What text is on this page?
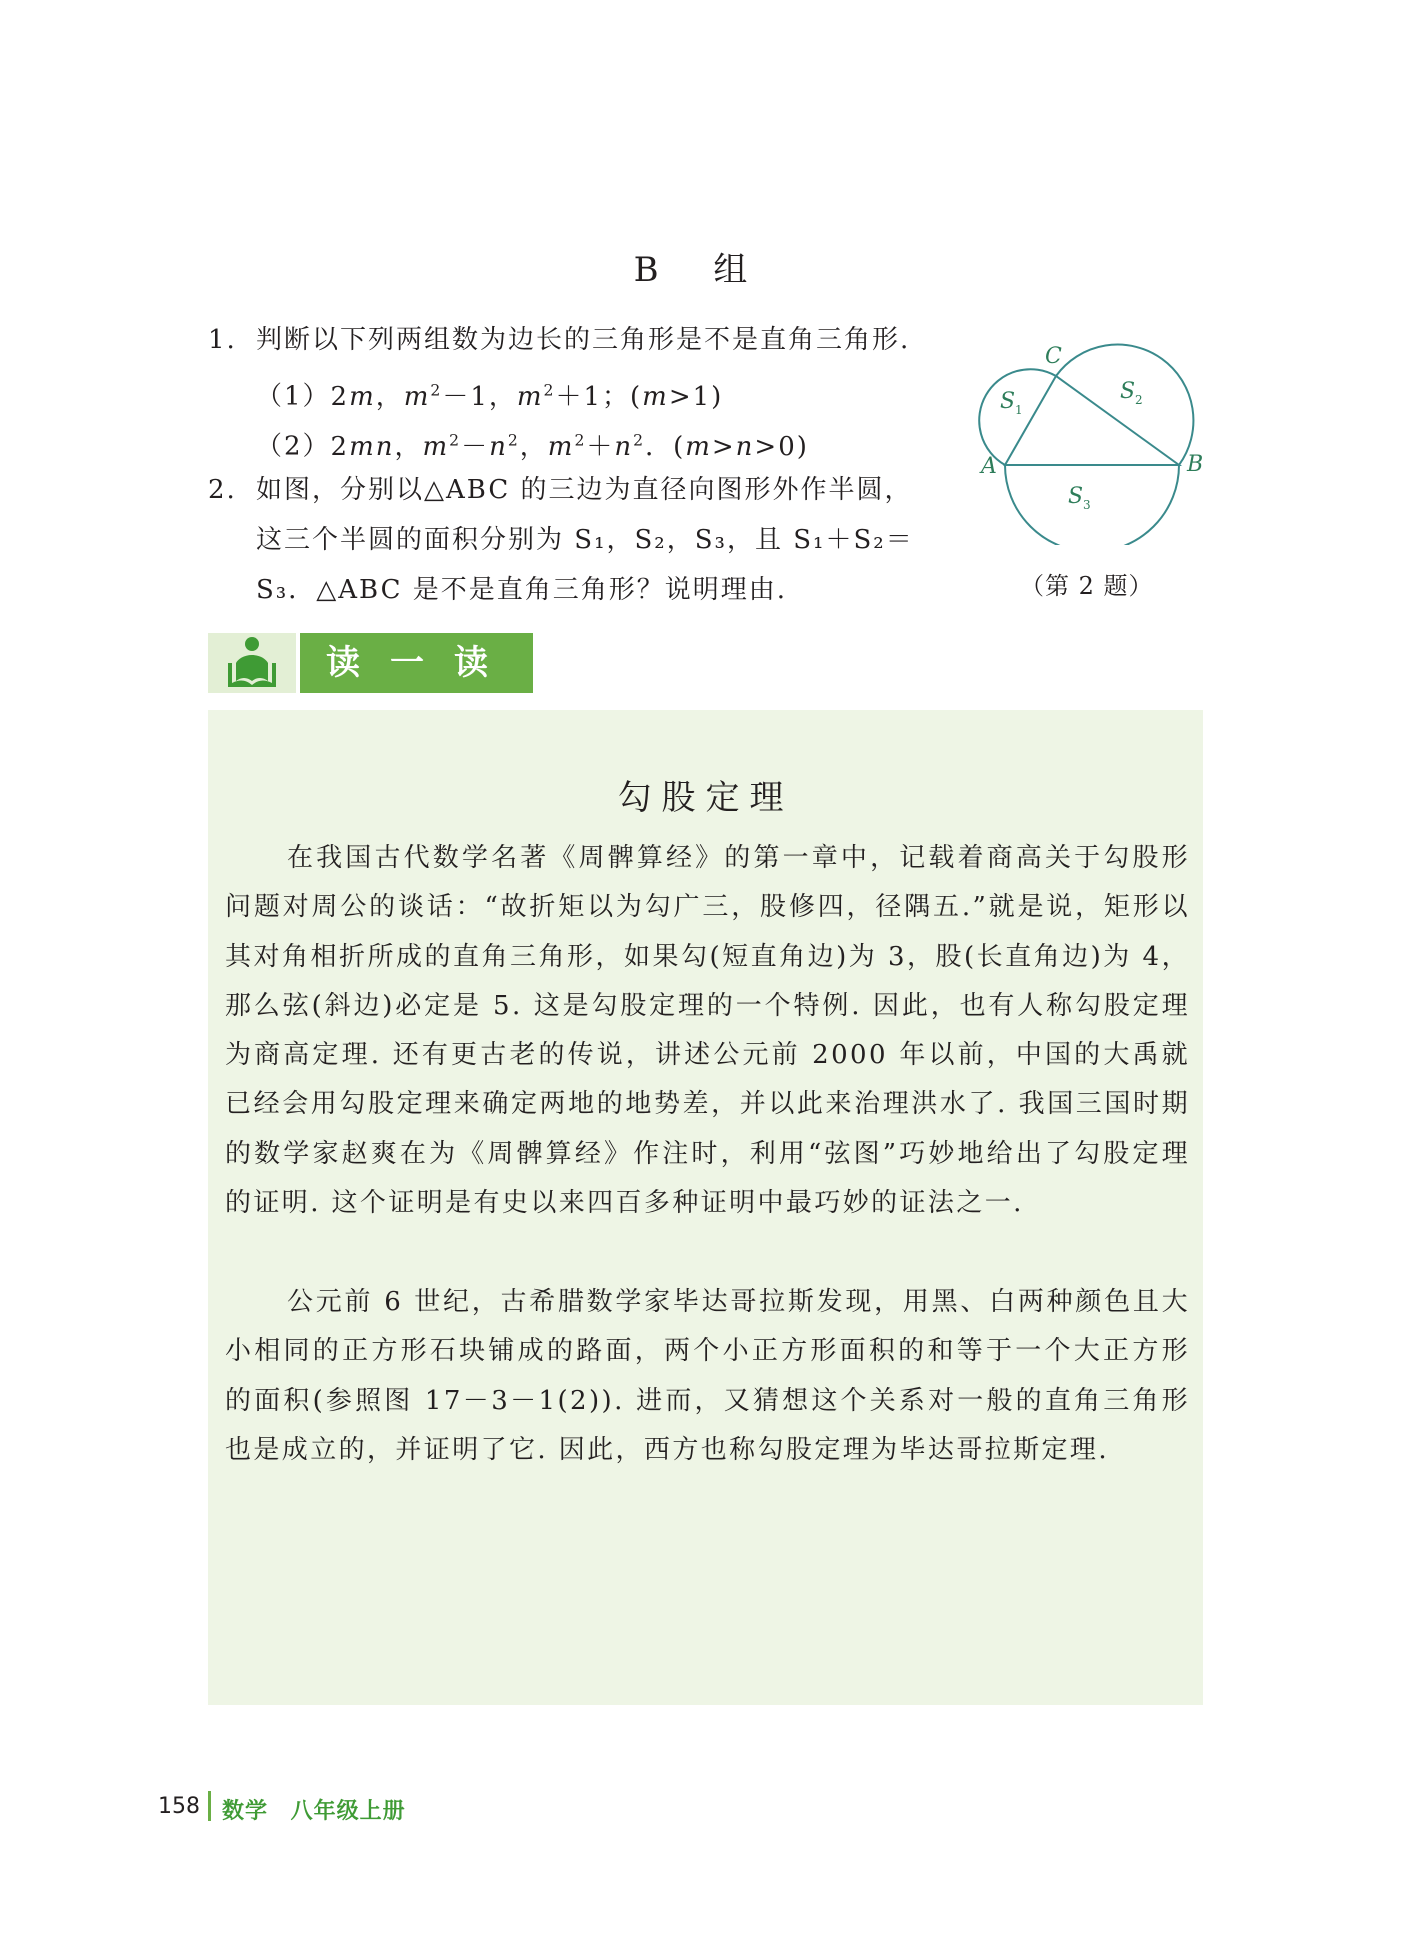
B 组
1. 判断以下列两组数为边长的三角形是不是直角三角形.
（1）2m，$m^2-1$，$m^2+1$；(m>1)
（2）2mn，$m^2-n^2$，$m^2+n^2$．(m>n>0)
2. 如图，分别以△ABC 的三边为直径向图形外作半圆，
这三个半圆的面积分别为 S₁，S₂，S₃，且 S₁＋S₂＝
S₃．△ABC 是不是直角三角形？说明理由.
A	B
C
S 1
S 2
S 3
（第 2 题）
读一读
勾股定理

在我国古代数学名著《周髀算经》的第一章中，记载着商高关于勾股形问题对周公的谈话：“故折矩以为勾广三，股修四，径隅五.”就是说，矩形以其对角相折所成的直角三角形，如果勾(短直角边)为 3，股(长直角边)为 4，那么弦(斜边)必定是 5. 这是勾股定理的一个特例. 因此，也有人称勾股定理为商高定理. 还有更古老的传说，讲述公元前 2000 年以前，中国的大禹就已经会用勾股定理来确定两地的地势差，并以此来治理洪水了. 我国三国时期的数学家赵爽在为《周髀算经》作注时，利用“弦图”巧妙地给出了勾股定理的证明. 这个证明是有史以来四百多种证明中最巧妙的证法之一.

公元前 6 世纪，古希腊数学家毕达哥拉斯发现，用黑、白两种颜色且大小相同的正方形石块铺成的路面，两个小正方形面积的和等于一个大正方形的面积(参照图 17－3－1(2)). 进而，又猜想这个关系对一般的直角三角形也是成立的，并证明了它. 因此，西方也称勾股定理为毕达哥拉斯定理.

158 数学 八年级上册
